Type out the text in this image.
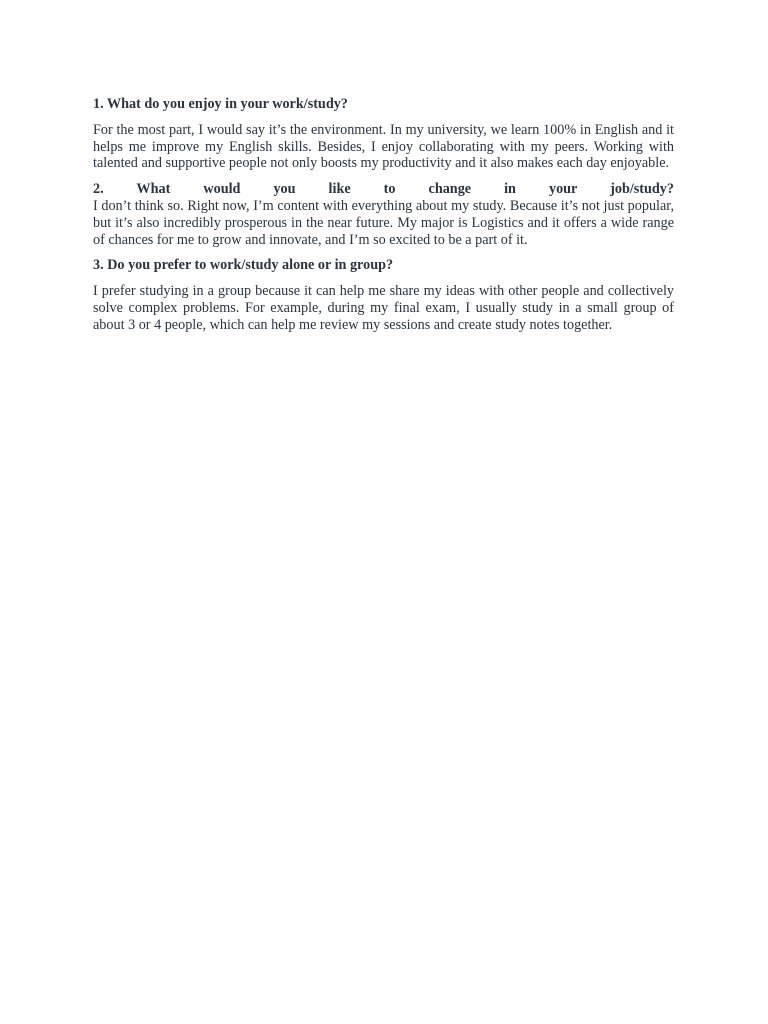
1. What do you enjoy in your work/study?

For the most part, I would say it’s the environment. In my university, we learn 100% in English and it helps me improve my English skills. Besides, I enjoy collaborating with my peers. Working with talented and supportive people not only boosts my productivity and it also makes each day enjoyable.

2. What would you like to change in your job/study?

I don’t think so. Right now, I’m content with everything about my study. Because it’s not just popular, but it’s also incredibly prosperous in the near future. My major is Logistics and it offers a wide range of chances for me to grow and innovate, and I’m so excited to be a part of it.

3. Do you prefer to work/study alone or in group?

I prefer studying in a group because it can help me share my ideas with other people and collectively solve complex problems. For example, during my final exam, I usually study in a small group of about 3 or 4 people, which can help me review my sessions and create study notes together.
